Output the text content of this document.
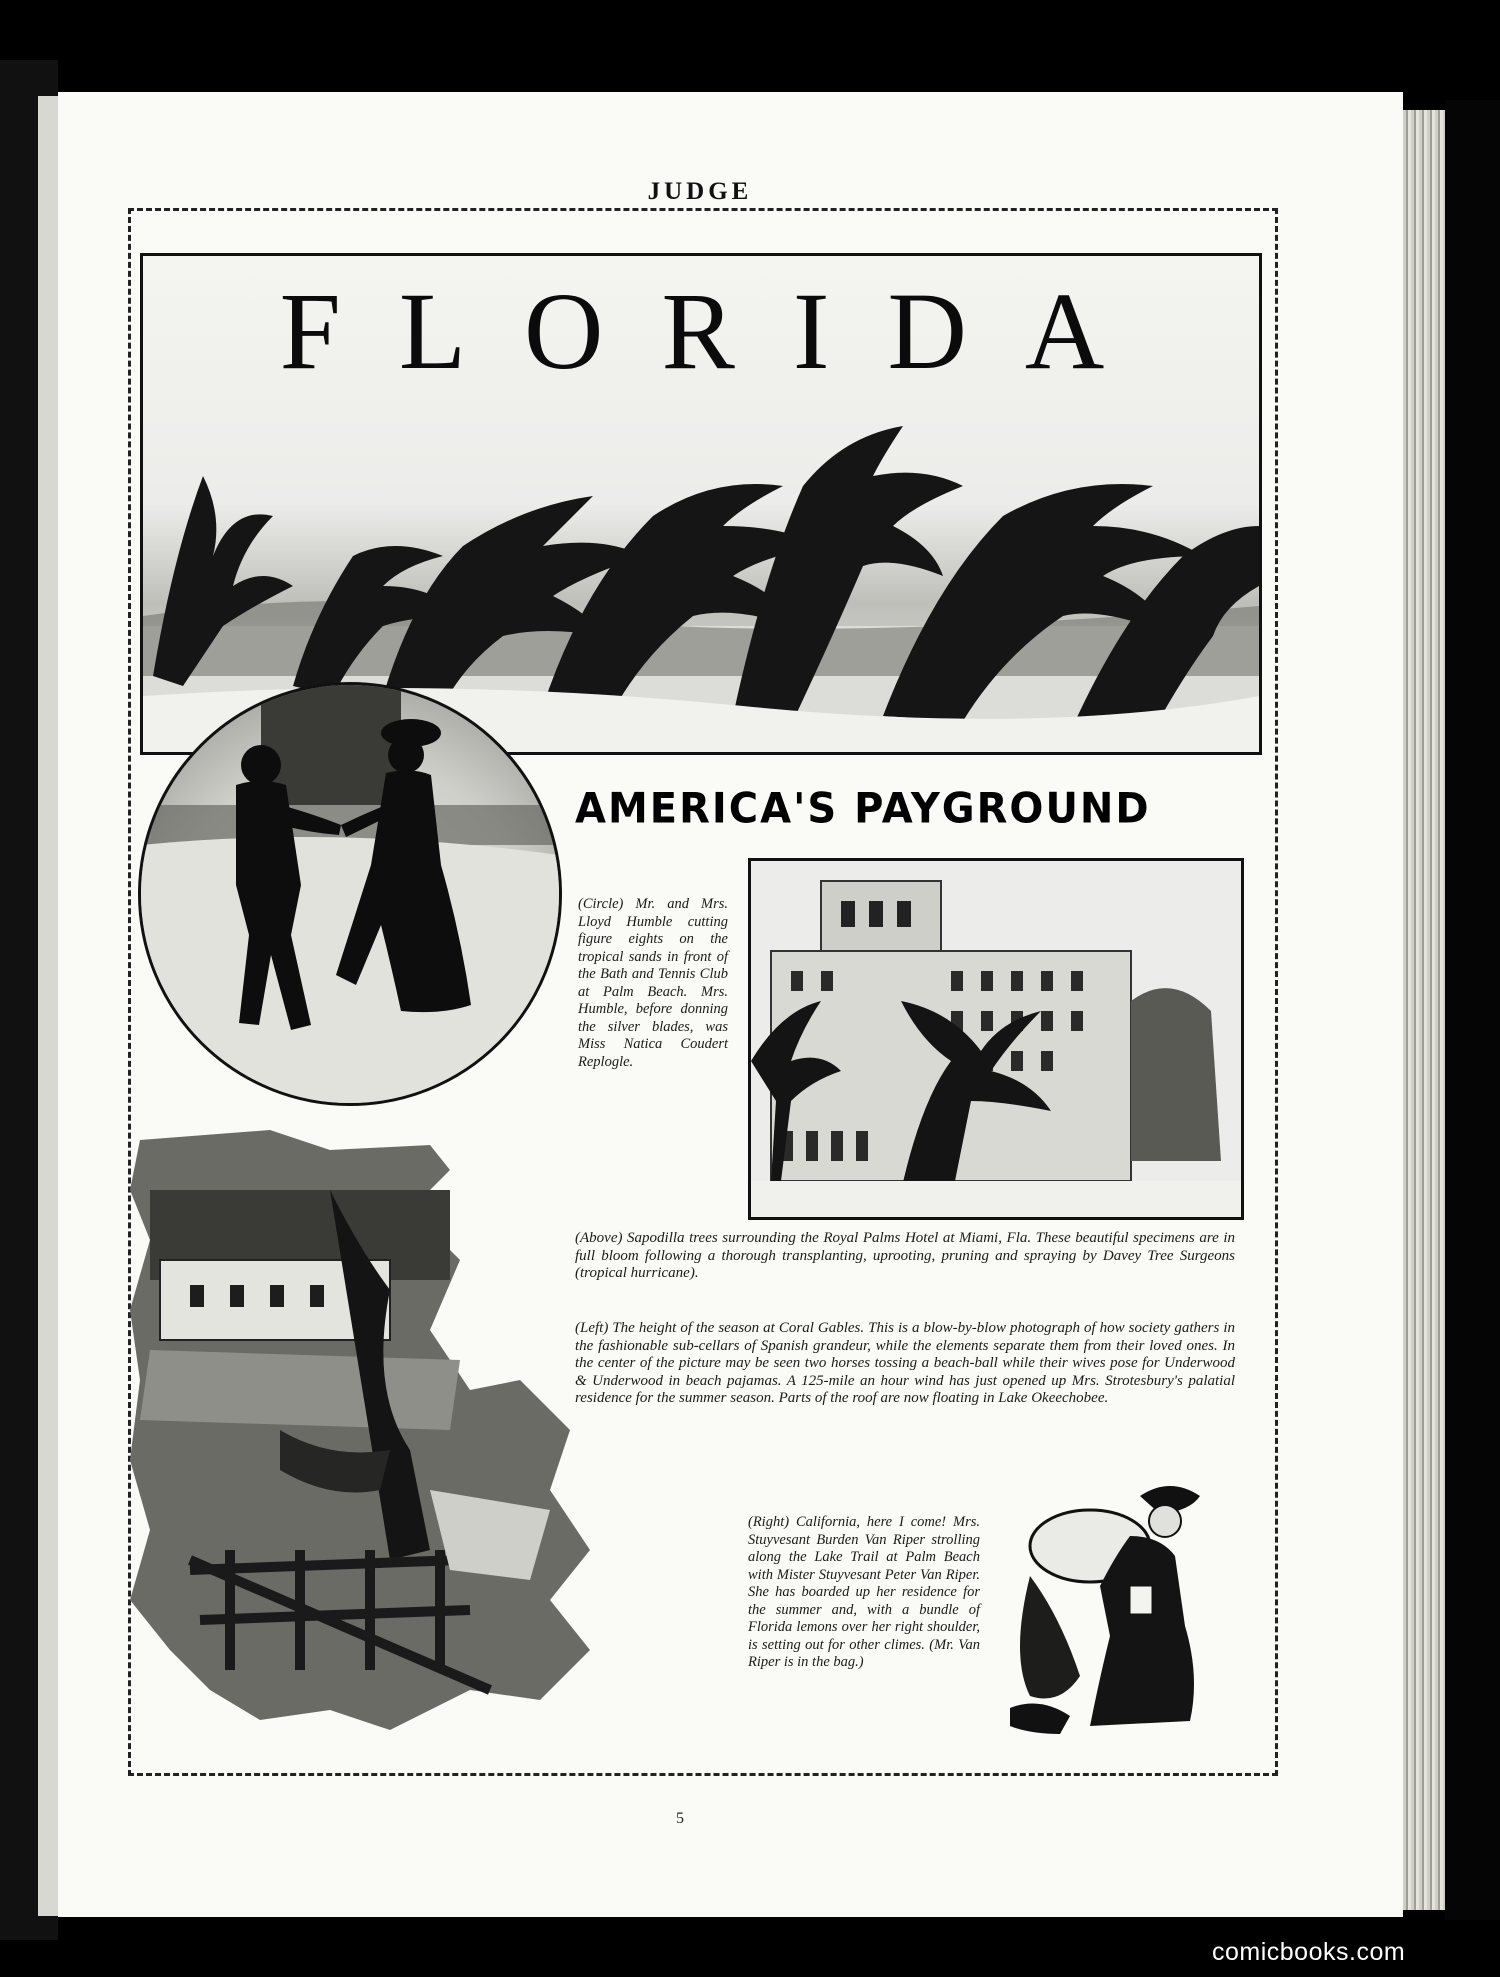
JUDGE
FLORIDA
AMERICA'S PAYGROUND

(Circle) Mr. and Mrs. Lloyd Humble cutting figure eights on the tropical sands in front of the Bath and Tennis Club at Palm Beach. Mrs. Humble, before donning the silver blades, was Miss Natica Coudert Replogle.

(Above) Sapodilla trees surrounding the Royal Palms Hotel at Miami, Fla. These beautiful specimens are in full bloom following a thorough transplanting, uprooting, pruning and spraying by Davey Tree Surgeons (tropical hurricane).

(Left) The height of the season at Coral Gables. This is a blow-by-blow photograph of how society gathers in the fashionable sub-cellars of Spanish grandeur, while the elements separate them from their loved ones. In the center of the picture may be seen two horses tossing a beach-ball while their wives pose for Underwood & Underwood in beach pajamas. A 125-mile an hour wind has just opened up Mrs. Strotesbury's palatial residence for the summer season. Parts of the roof are now floating in Lake Okeechobee.

(Right) California, here I come! Mrs. Stuyvesant Burden Van Riper strolling along the Lake Trail at Palm Beach with Mister Stuyvesant Peter Van Riper. She has boarded up her residence for the summer and, with a bundle of Florida lemons over her right shoulder, is setting out for other climes. (Mr. Van Riper is in the bag.)

5
comicbooks.com
